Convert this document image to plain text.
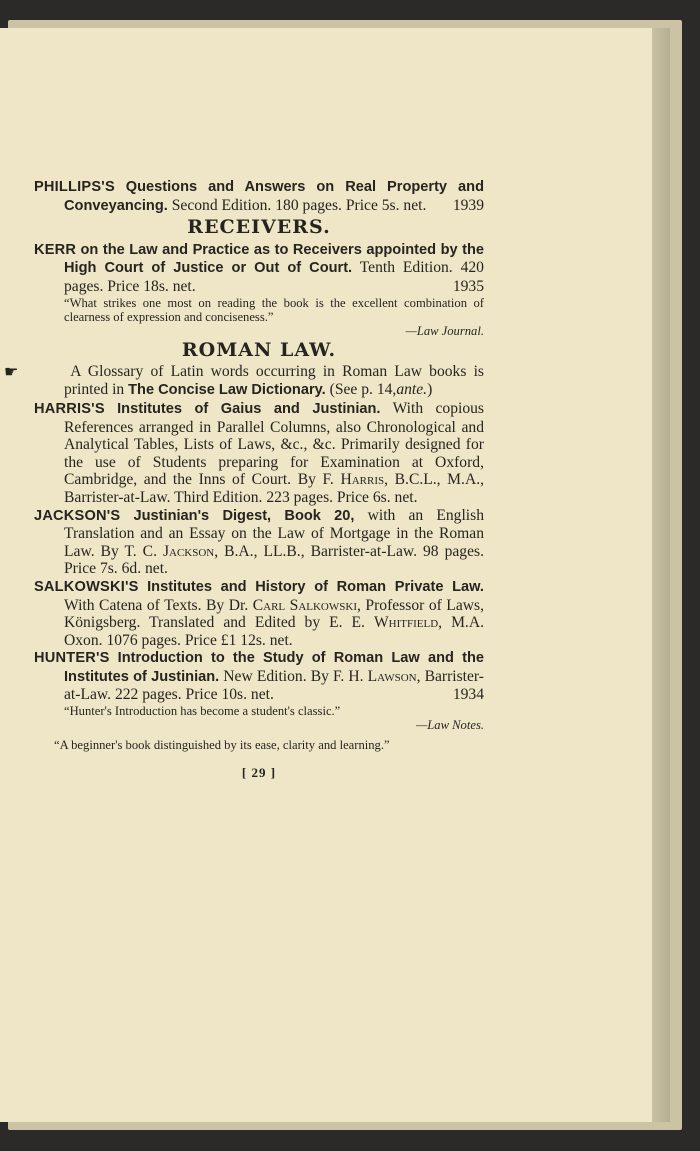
PHILLIPS'S Questions and Answers on Real Property and Conveyancing. Second Edition. 180 pages. Price 5s. net. 1939

RECEIVERS.

KERR on the Law and Practice as to Receivers appointed by the High Court of Justice or Out of Court. Tenth Edition. 420 pages. Price 18s. net.	1935

“What strikes one most on reading the book is the excellent combination of clearness of expression and conciseness.”

—Law Journal.

ROMAN LAW.

☛	A Glossary of Latin words occurring in Roman Law books is printed in The Concise Law Dictionary. (See p. 14,ante.)

HARRIS'S Institutes of Gaius and Justinian. With copious References arranged in Parallel Columns, also Chronological and Analytical Tables, Lists of Laws, &c., &c. Primarily designed for the use of Students preparing for Examination at Oxford, Cambridge, and the Inns of Court. By F. Harris, B.C.L., M.A., Barrister-at-Law. Third Edition. 223 pages. Price 6s. net.

JACKSON'S Justinian's Digest, Book 20, with an English Translation and an Essay on the Law of Mortgage in the Roman Law. By T. C. Jackson, B.A., LL.B., Barrister-at-Law. 98 pages. Price 7s. 6d. net.

SALKOWSKI'S Institutes and History of Roman Private Law. With Catena of Texts. By Dr. Carl Salkowski, Professor of Laws, Königsberg. Translated and Edited by E. E. Whitfield, M.A. Oxon. 1076 pages. Price £1 12s. net.

HUNTER'S Introduction to the Study of Roman Law and the Institutes of Justinian. New Edition. By F. H. Lawson, Barrister-at-Law. 222 pages. Price 10s. net.	1934

“Hunter's Introduction has become a student's classic.”

—Law Notes.

“A beginner's book distinguished by its ease, clarity and learning.”

[ 29 ]
